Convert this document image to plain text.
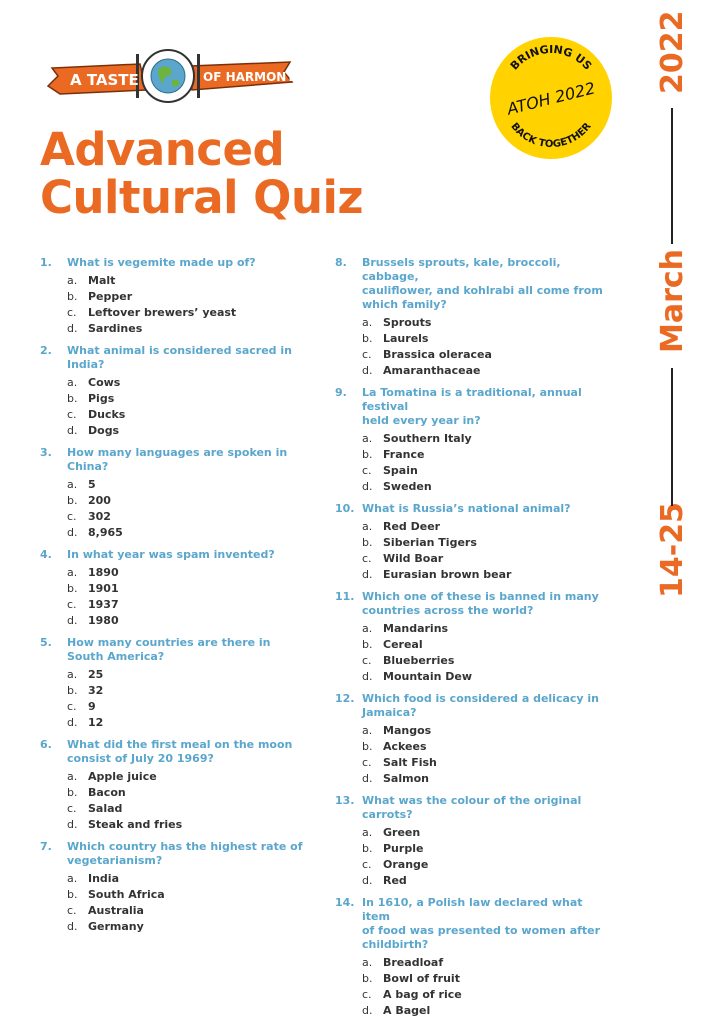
A TASTE	OF HARMONY
Advanced
Cultural Quiz
BRINGING US
ATOH 2022
BACK TOGETHER
2022
March
14-25
1.	What is vegemite made up of?
a. Malt
b. Pepper
c.	Leftover brewers’ yeast
d. Sardines
2.	What animal is considered sacred in India?
a. Cows
b. Pigs
c.	Ducks
d. Dogs
3.	How many languages are spoken in China?
a. 5
b. 200
c.	302
d. 8,965
4.	In what year was spam invented?
a. 1890
b. 1901
c.	1937
d. 1980
5.	How many countries are there in
South America?
a. 25
b. 32
c.	9
d. 12
6.	What did the first meal on the moon
consist of July 20 1969?
a. Apple juice
b. Bacon
c.	Salad
d. Steak and fries
7.	Which country has the highest rate of
vegetarianism?
a. India
b. South Africa
c.	Australia
d. Germany
8.	Brussels sprouts, kale, broccoli, cabbage,
cauliflower, and kohlrabi all come from
which family?
a. Sprouts
b. Laurels
c.	Brassica oleracea
d. Amaranthaceae
9.	La Tomatina is a traditional, annual festival
held every year in?
a. Southern Italy
b. France
c.	Spain
d. Sweden
10. What is Russia’s national animal?
a. Red Deer
b. Siberian Tigers
c.	Wild Boar
d. Eurasian brown bear
11. Which one of these is banned in many
countries across the world?
a. Mandarins
b. Cereal
c.	Blueberries
d. Mountain Dew
12. Which food is considered a delicacy in
Jamaica?
a. Mangos
b. Ackees
c.	Salt Fish
d. Salmon
13. What was the colour of the original carrots?
a. Green
b. Purple
c.	Orange
d. Red
14. In 1610, a Polish law declared what item
of food was presented to women after
childbirth?
a. Breadloaf
b. Bowl of fruit
c.	A bag of rice
d. A Bagel
